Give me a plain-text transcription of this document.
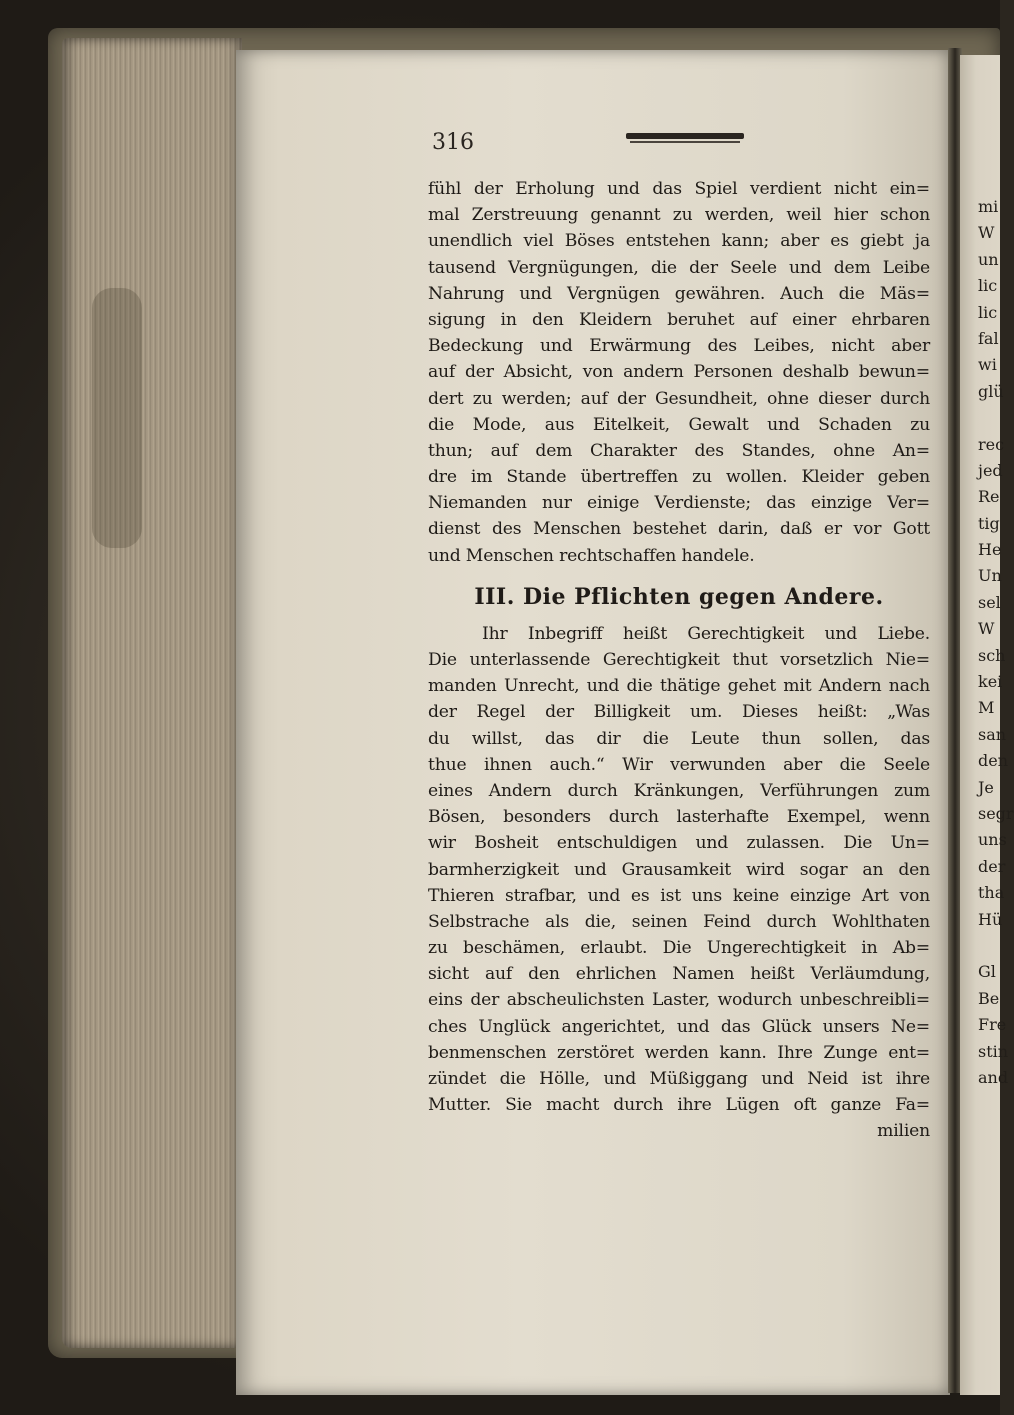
316
fühl der Erholung und das Spiel verdient nicht ein=
mal Zerstreuung genannt zu werden, weil hier schon
unendlich viel Böses entstehen kann; aber es giebt ja
tausend Vergnügungen, die der Seele und dem Leibe
Nahrung und Vergnügen gewähren. Auch die Mäs=
sigung in den Kleidern beruhet auf einer ehrbaren
Bedeckung und Erwärmung des Leibes, nicht aber
auf der Absicht, von andern Personen deshalb bewun=
dert zu werden; auf der Gesundheit, ohne dieser durch
die Mode, aus Eitelkeit, Gewalt und Schaden zu
thun; auf dem Charakter des Standes, ohne An=
dre im Stande übertreffen zu wollen. Kleider geben
Niemanden nur einige Verdienste; das einzige Ver=
dienst des Menschen bestehet darin, daß er vor Gott
und Menschen rechtschaffen handele.
III. Die Pflichten gegen Andere.
Ihr Inbegriff heißt Gerechtigkeit und Liebe.
Die unterlassende Gerechtigkeit thut vorsetzlich Nie=
manden Unrecht, und die thätige gehet mit Andern nach
der Regel der Billigkeit um. Dieses heißt: „Was
du willst, das dir die Leute thun sollen, das
thue ihnen auch.“ Wir verwunden aber die Seele
eines Andern durch Kränkungen, Verführungen zum
Bösen, besonders durch lasterhafte Exempel, wenn
wir Bosheit entschuldigen und zulassen. Die Un=
barmherzigkeit und Grausamkeit wird sogar an den
Thieren strafbar, und es ist uns keine einzige Art von
Selbstrache als die, seinen Feind durch Wohlthaten
zu beschämen, erlaubt. Die Ungerechtigkeit in Ab=
sicht auf den ehrlichen Namen heißt Verläumdung,
eins der abscheulichsten Laster, wodurch unbeschreibli=
ches Unglück angerichtet, und das Glück unsers Ne=
benmenschen zerstöret werden kann. Ihre Zunge ent=
zündet die Hölle, und Müßiggang und Neid ist ihre
Mutter. Sie macht durch ihre Lügen oft ganze Fa=
milien
mi
W
un
lic
lic
fal
wi
glü
rec
jed
Re
tig
He
Un
sel
W
sch
kei
M
san
den
Je
segr
uns
der
tha
Hü
Gl
Be
Fre
stin
and
